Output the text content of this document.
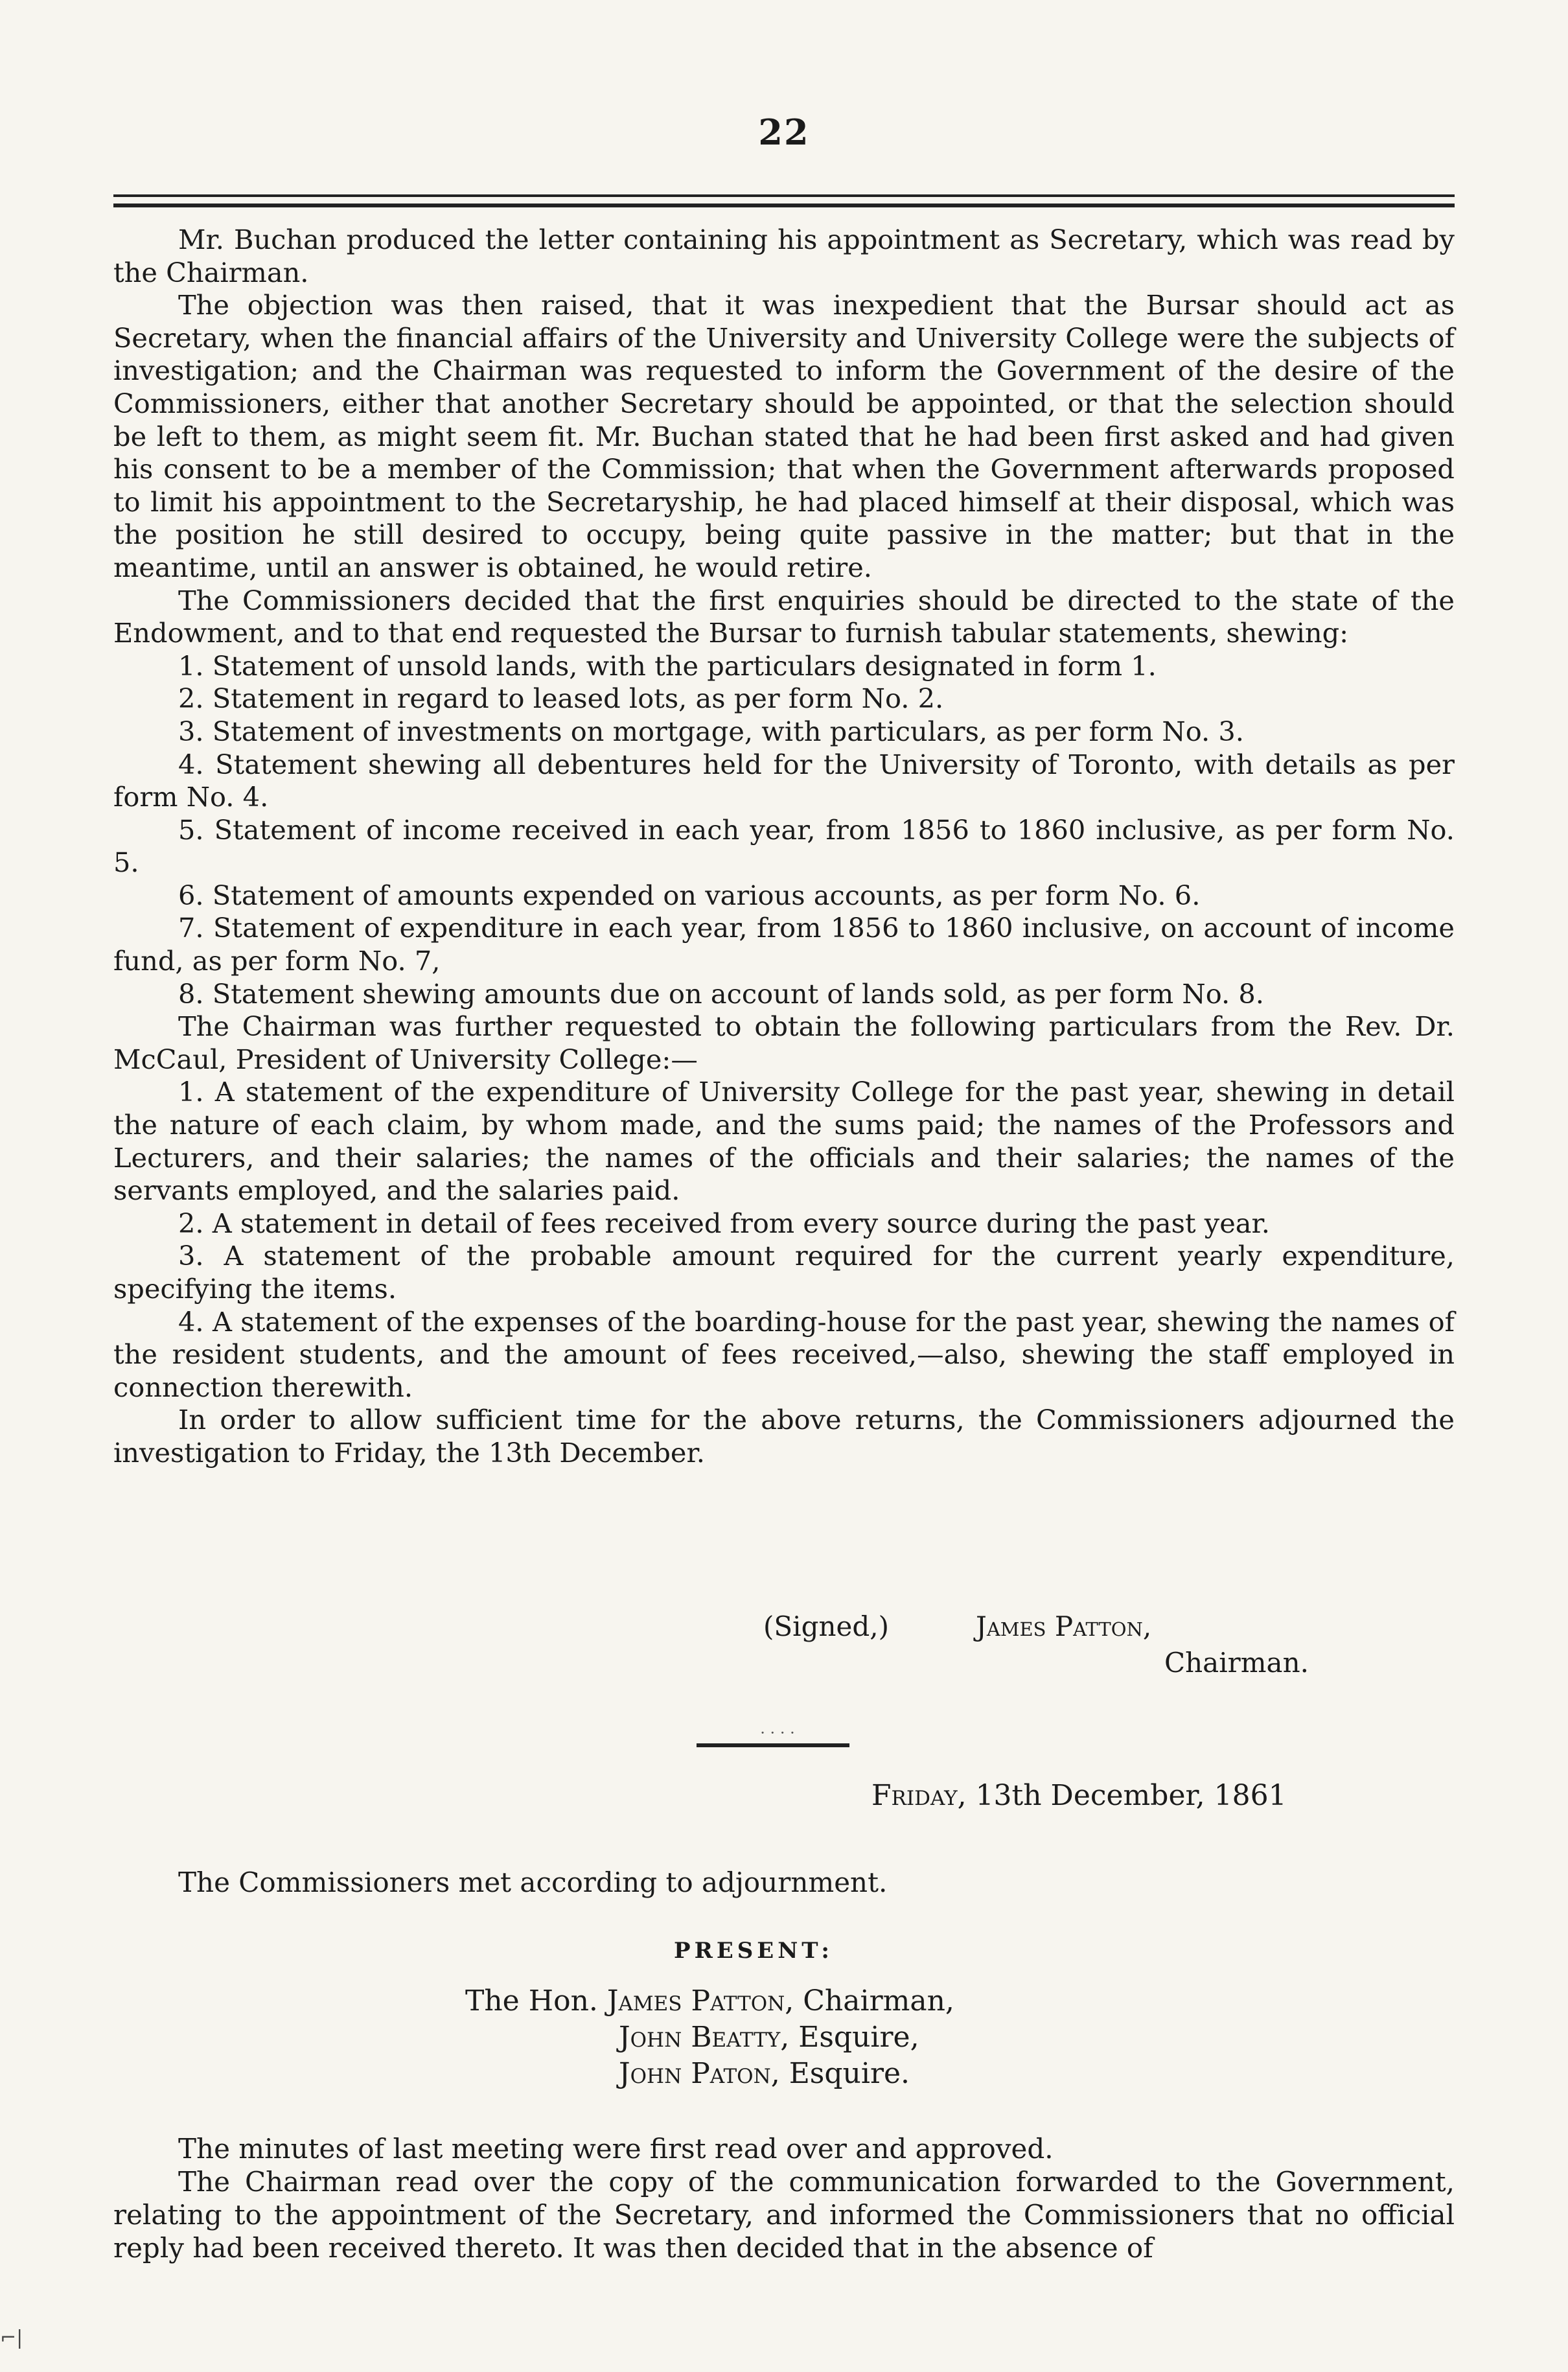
22

Mr. Buchan produced the letter containing his appointment as Secretary, which was read by the Chairman.

The objection was then raised, that it was inexpedient that the Bursar should act as Secretary, when the financial affairs of the University and University College were the subjects of investigation; and the Chairman was requested to inform the Government of the desire of the Commissioners, either that another Secretary should be appointed, or that the selection should be left to them, as might seem fit. Mr. Buchan stated that he had been first asked and had given his consent to be a member of the Commission; that when the Government afterwards proposed to limit his appointment to the Secretaryship, he had placed himself at their disposal, which was the position he still desired to occupy, being quite passive in the matter; but that in the meantime, until an answer is obtained, he would retire.

The Commissioners decided that the first enquiries should be directed to the state of the Endowment, and to that end requested the Bursar to furnish tabular statements, shewing:

1. Statement of unsold lands, with the particulars designated in form 1.

2. Statement in regard to leased lots, as per form No. 2.

3. Statement of investments on mortgage, with particulars, as per form No. 3.

4. Statement shewing all debentures held for the University of Toronto, with details as per form No. 4.

5. Statement of income received in each year, from 1856 to 1860 inclusive, as per form No. 5.

6. Statement of amounts expended on various accounts, as per form No. 6.

7. Statement of expenditure in each year, from 1856 to 1860 inclusive, on account of income fund, as per form No. 7,

8. Statement shewing amounts due on account of lands sold, as per form No. 8.

The Chairman was further requested to obtain the following particulars from the Rev. Dr. McCaul, President of University College:—

1. A statement of the expenditure of University College for the past year, shewing in detail the nature of each claim, by whom made, and the sums paid; the names of the Professors and Lecturers, and their salaries; the names of the officials and their salaries; the names of the servants employed, and the salaries paid.

2. A statement in detail of fees received from every source during the past year.

3. A statement of the probable amount required for the current yearly expenditure, specifying the items.

4. A statement of the expenses of the boarding-house for the past year, shewing the names of the resident students, and the amount of fees received,—also, shewing the staff employed in connection therewith.

In order to allow sufficient time for the above returns, the Commissioners adjourned the investigation to Friday, the 13th December.

(Signed,)	James Patton,
Chairman.
· · · ·
Friday, 13th December, 1861
The Commissioners met according to adjournment.
PRESENT:
The Hon. James Patton, Chairman,
John Beatty, Esquire,
John Paton, Esquire.

The minutes of last meeting were first read over and approved.

The Chairman read over the copy of the communication forwarded to the Government, relating to the appointment of the Secretary, and informed the Commissioners that no official reply had been received thereto. It was then decided that in the absence of

⌐|
